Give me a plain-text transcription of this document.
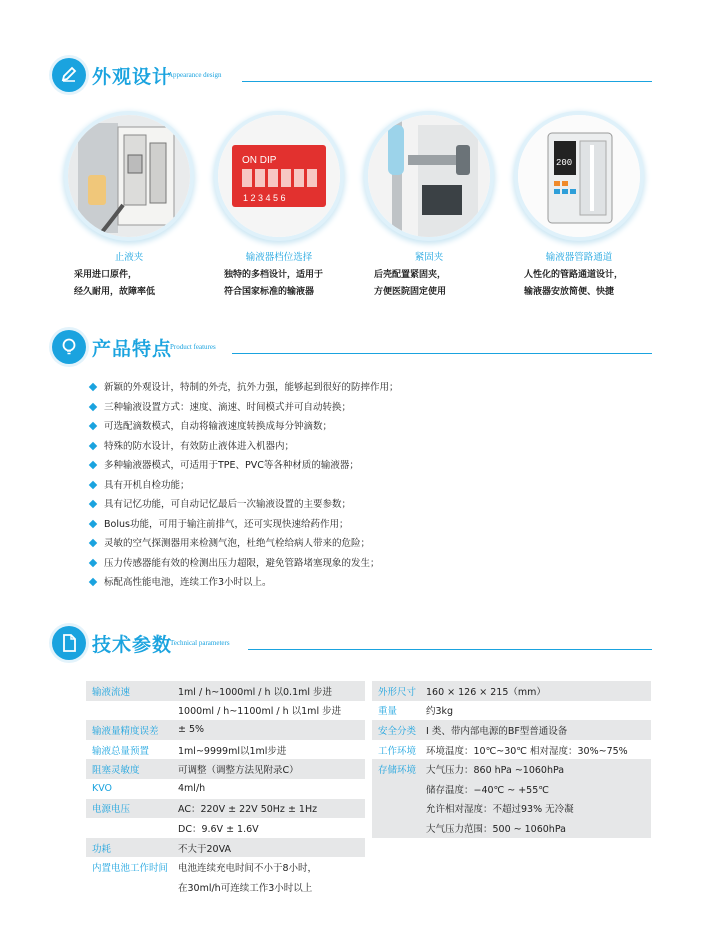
外观设计
Appearance design
止液夹
采用进口原件，
经久耐用，故障率低
ON DIP
1 2 3 4 5 6
输液器档位选择
独特的多档设计，适用于
符合国家标准的输液器
紧固夹
后壳配置紧固夹，
方便医院固定使用
200
输液器管路通道
人性化的管路通道设计，
输液器安放简便、快捷
产品特点
Product features
新颖的外观设计，特制的外壳，抗外力强，能够起到很好的防摔作用；
三种输液设置方式：速度、滴速、时间模式并可自动转换；
可选配滴数模式，自动将输液速度转换成每分钟滴数；
特殊的防水设计，有效防止液体进入机器内；
多种输液器模式，可适用于TPE、PVC等各种材质的输液器；
具有开机自检功能；
具有记忆功能，可自动记忆最后一次输液设置的主要参数；
Bolus功能，可用于输注前排气，还可实现快速给药作用；
灵敏的空气探测器用来检测气泡，杜绝气栓给病人带来的危险；
压力传感器能有效的检测出压力超限，避免管路堵塞现象的发生；
标配高性能电池，连续工作3小时以上。
技术参数
Technical parameters
输液流速	1ml / h~1000ml / h 以0.1ml 步进
	1000ml / h~1100ml / h 以1ml 步进
输液量精度误差	± 5%
输液总量预置	1ml~9999ml以1ml步进
阻塞灵敏度	可调整（调整方法见附录C）
KVO	4ml/h
电源电压	AC：220V ± 22V 50Hz ± 1Hz
	DC：9.6V ± 1.6V
功耗	不大于20VA
内置电池工作时间	电池连续充电时间不小于8小时，
	在30ml/h可连续工作3小时以上
外形尺寸	160 × 126 × 215（mm）
重量	约3kg
安全分类	I 类、带内部电源的BF型普通设备
工作环境	环境温度：10℃~30℃ 相对湿度：30%~75%
存储环境	大气压力：860 hPa ~1060hPa
	储存温度：−40℃ ~ +55℃
	允许相对湿度：不超过93% 无冷凝
	大气压力范围：500 ~ 1060hPa
